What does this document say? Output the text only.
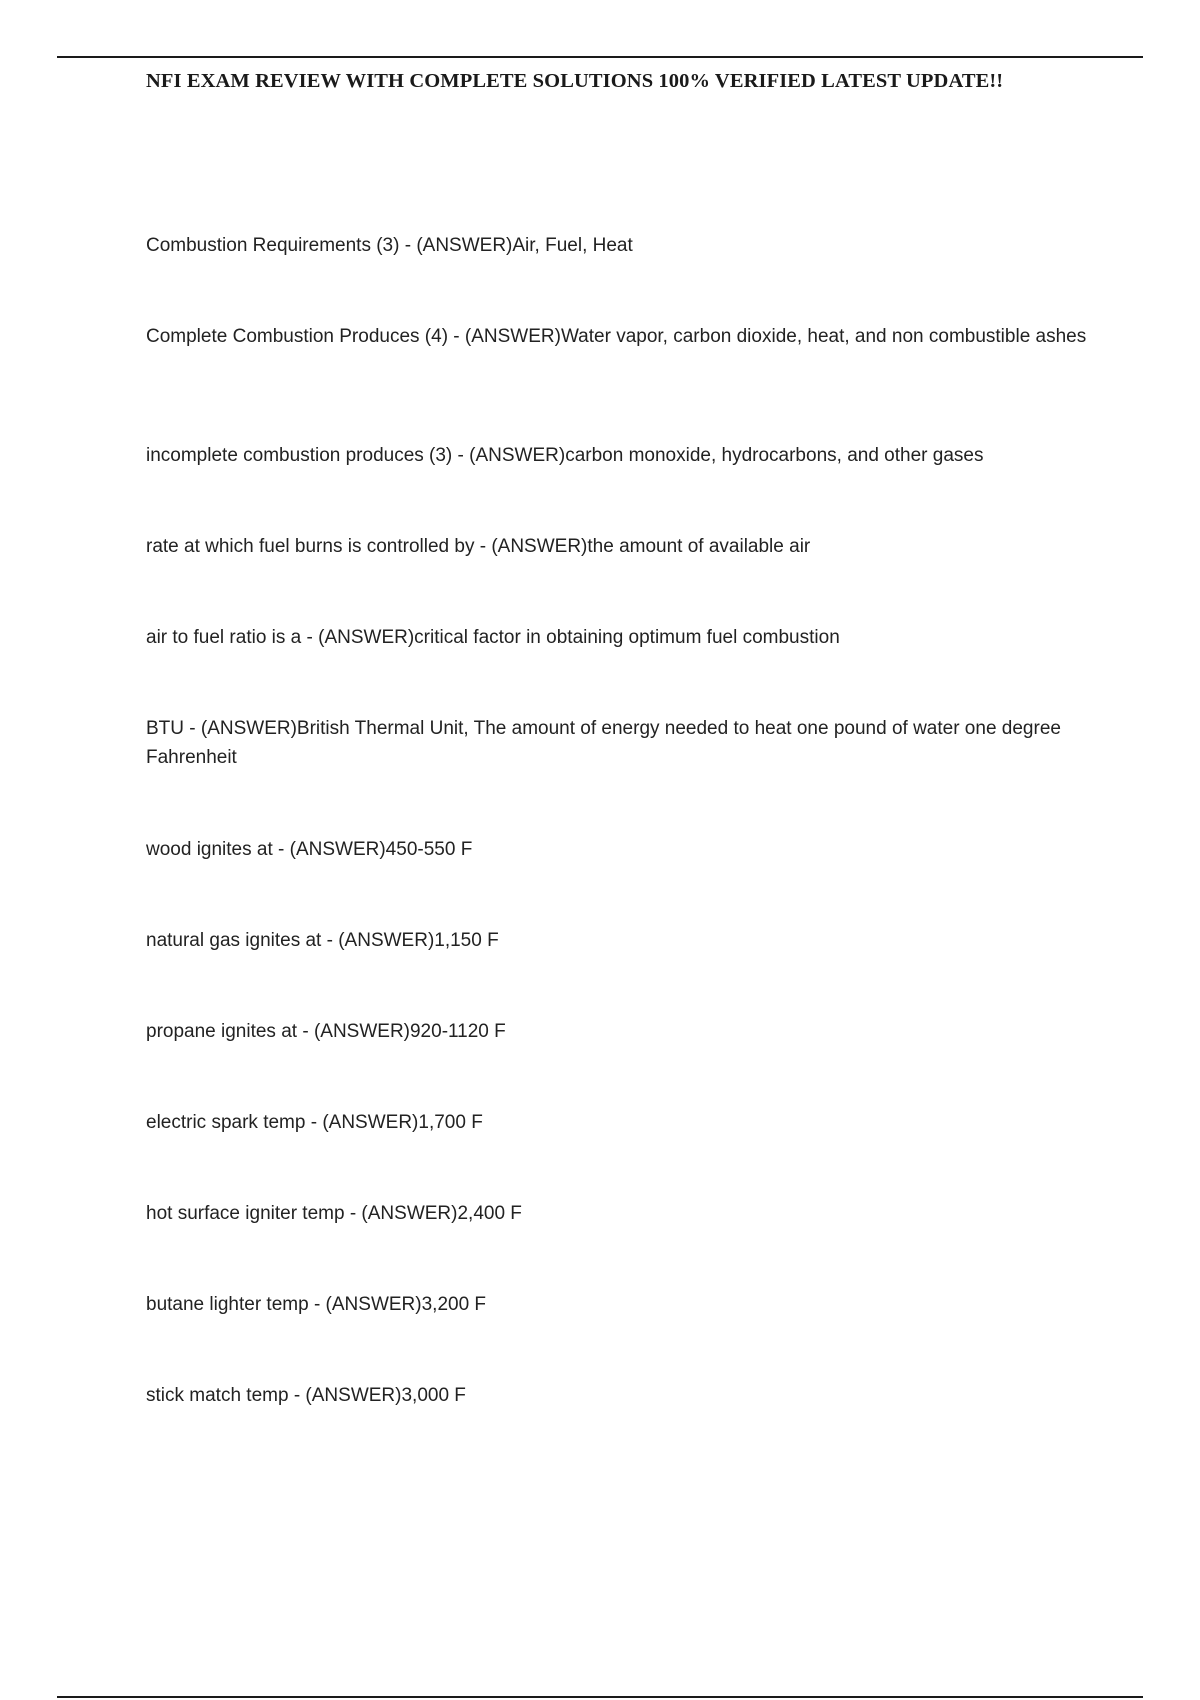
NFI EXAM REVIEW WITH COMPLETE SOLUTIONS 100% VERIFIED LATEST UPDATE!!
Combustion Requirements (3) - (ANSWER)Air, Fuel, Heat
Complete Combustion Produces (4) - (ANSWER)Water vapor, carbon dioxide, heat, and non combustible ashes
incomplete combustion produces (3) - (ANSWER)carbon monoxide, hydrocarbons, and other gases
rate at which fuel burns is controlled by - (ANSWER)the amount of available air
air to fuel ratio is a - (ANSWER)critical factor in obtaining optimum fuel combustion
BTU - (ANSWER)British Thermal Unit, The amount of energy needed to heat one pound of water one degree Fahrenheit
wood ignites at - (ANSWER)450-550 F
natural gas ignites at - (ANSWER)1,150 F
propane ignites at - (ANSWER)920-1120 F
electric spark temp - (ANSWER)1,700 F
hot surface igniter temp - (ANSWER)2,400 F
butane lighter temp - (ANSWER)3,200 F
stick match temp - (ANSWER)3,000 F
